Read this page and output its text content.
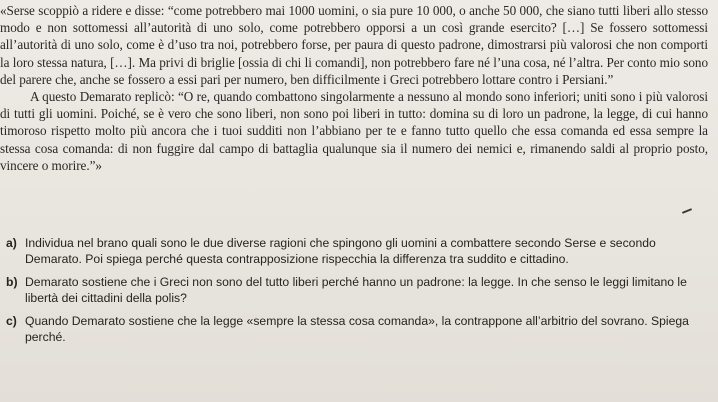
«Serse scoppiò a ridere e disse: “come potrebbero mai 1000 uomini, o sia pure 10 000, o anche 50 000, che siano tutti liberi allo stesso modo e non sottomessi all’autorità di uno solo, come potrebbero opporsi a un così grande esercito? […] Se fossero sottomessi all’autorità di uno solo, come è d’uso tra noi, potrebbero forse, per paura di questo padrone, dimostrarsi più valorosi che non comporti la loro stessa natura, […]. Ma privi di briglie [ossia di chi li comandi], non potrebbero fare né l’una cosa, né l’altra. Per conto mio sono del parere che, anche se fossero a essi pari per numero, ben difficilmente i Greci potrebbero lottare contro i Persiani.”

A questo Demarato replicò: “O re, quando combattono singolarmente a nessuno al mondo sono inferiori; uniti sono i più valorosi di tutti gli uomini. Poiché, se è vero che sono liberi, non sono poi liberi in tutto: domina su di loro un padrone, la legge, di cui hanno timoroso rispetto molto più ancora che i tuoi sudditi non l’abbiano per te e fanno tutto quello che essa comanda ed essa sempre la stessa cosa comanda: di non fuggire dal campo di battaglia qualunque sia il numero dei nemici e, rimanendo saldi al proprio posto, vincere o morire.”»

a) Individua nel brano quali sono le due diverse ragioni che spingono gli uomini a combattere secondo Serse e secondo Demarato. Poi spiega perché questa contrapposizione rispecchia la differenza tra suddito e cittadino.
b) Demarato sostiene che i Greci non sono del tutto liberi perché hanno un padrone: la legge. In che senso le leggi limitano le libertà dei cittadini della polis?
c) Quando Demarato sostiene che la legge «sempre la stessa cosa comanda», la contrappone all’arbitrio del sovrano. Spiega perché.
